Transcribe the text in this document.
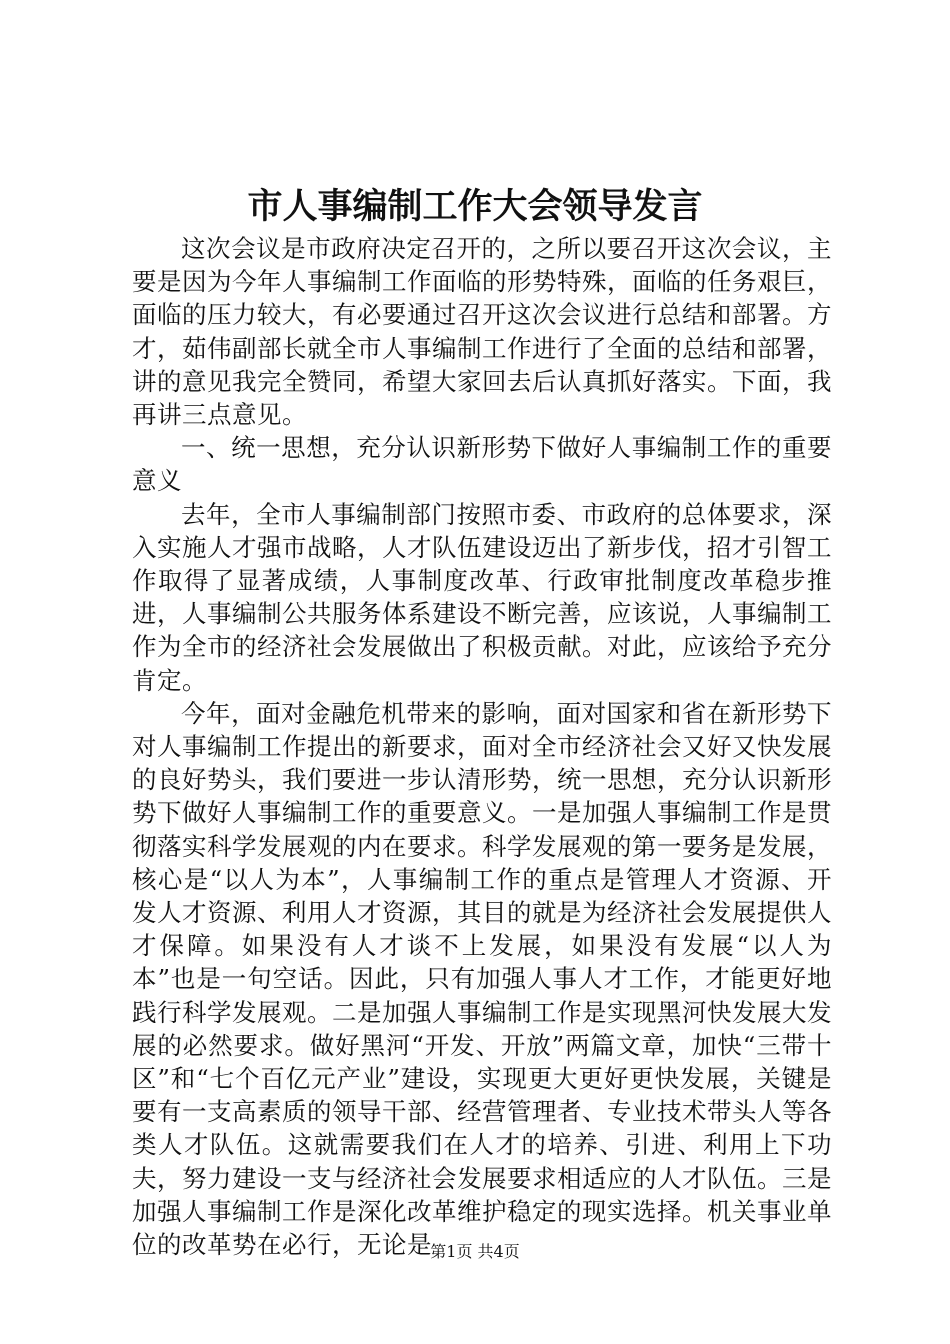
市人事编制工作大会领导发言

这次会议是市政府决定召开的，之所以要召开这次会议，主要是因为今年人事编制工作面临的形势特殊，面临的任务艰巨，面临的压力较大，有必要通过召开这次会议进行总结和部署。方才，茹伟副部长就全市人事编制工作进行了全面的总结和部署，讲的意见我完全赞同，希望大家回去后认真抓好落实。下面，我再讲三点意见。

一、统一思想，充分认识新形势下做好人事编制工作的重要意义

去年，全市人事编制部门按照市委、市政府的总体要求，深入实施人才强市战略，人才队伍建设迈出了新步伐，招才引智工作取得了显著成绩，人事制度改革、行政审批制度改革稳步推进，人事编制公共服务体系建设不断完善，应该说，人事编制工作为全市的经济社会发展做出了积极贡献。对此，应该给予充分肯定。

今年，面对金融危机带来的影响，面对国家和省在新形势下对人事编制工作提出的新要求，面对全市经济社会又好又快发展的良好势头，我们要进一步认清形势，统一思想，充分认识新形势下做好人事编制工作的重要意义。一是加强人事编制工作是贯彻落实科学发展观的内在要求。科学发展观的第一要务是发展，核心是“以人为本”，人事编制工作的重点是管理人才资源、开发人才资源、利用人才资源，其目的就是为经济社会发展提供人才保障。如果没有人才谈不上发展，如果没有发展“以人为本”也是一句空话。因此，只有加强人事人才工作，才能更好地践行科学发展观。二是加强人事编制工作是实现黑河快发展大发展的必然要求。做好黑河“开发、开放”两篇文章，加快“三带十区”和“七个百亿元产业”建设，实现更大更好更快发展，关键是要有一支高素质的领导干部、经营管理者、专业技术带头人等各类人才队伍。这就需要我们在人才的培养、引进、利用上下功夫，努力建设一支与经济社会发展要求相适应的人才队伍。三是加强人事编制工作是深化改革维护稳定的现实选择。机关事业单位的改革势在必行，无论是

第1页 共4页
